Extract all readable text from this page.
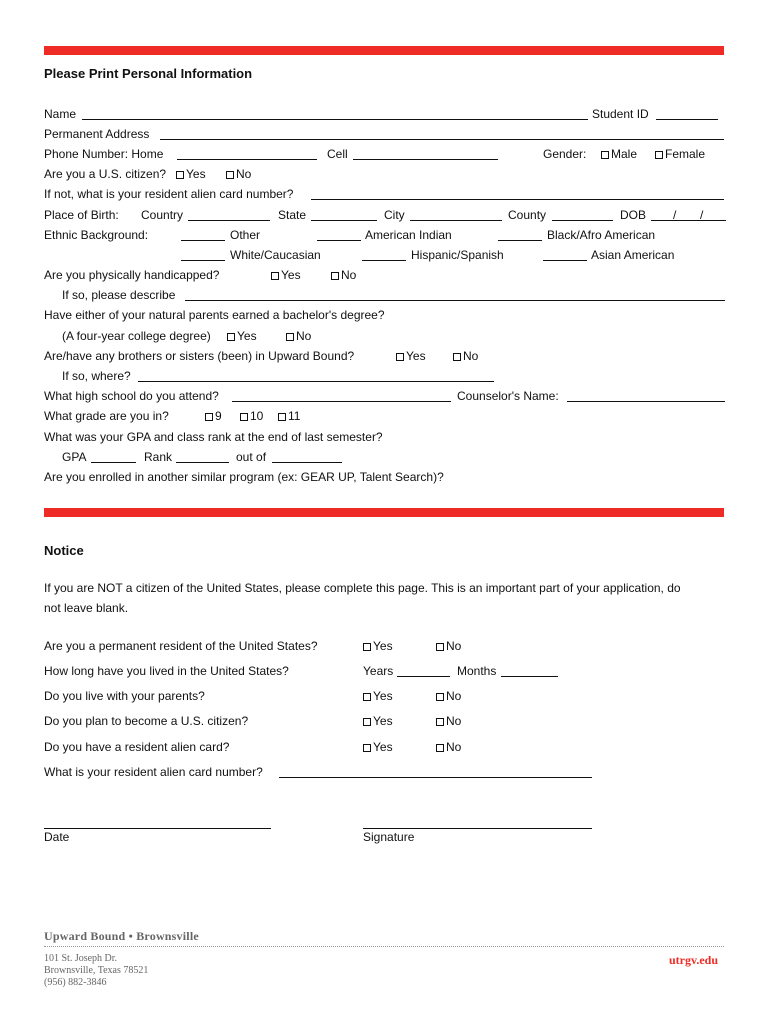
Please Print Personal Information
Name	Student ID
Permanent Address
Phone Number: Home	Cell	Gender:	Male	Female
Are you a U.S. citizen?	Yes	No
If not, what is your resident alien card number?
Place of Birth: Country	State	City	County	DOB / /
Ethnic Background:	Other	American Indian	Black/Afro American
White/Caucasian	Hispanic/Spanish	Asian American
Are you physically handicapped?	Yes	No
If so, please describe
Have either of your natural parents earned a bachelor's degree?
(A four-year college degree)	Yes	No
Are/have any brothers or sisters (been) in Upward Bound?	Yes	No
If so, where?
What high school do you attend?	Counselor's Name:
What grade are you in?	9	10	11
What was your GPA and class rank at the end of last semester?
GPA	Rank	out of
Are you enrolled in another similar program (ex: GEAR UP, Talent Search)?
Notice
If you are NOT a citizen of the United States, please complete this page. This is an important part of your application, do
not leave blank.
Are you a permanent resident of the United States?	Yes	No
How long have you lived in the United States?	Years	Months
Do you live with your parents?	Yes	No
Do you plan to become a U.S. citizen?	Yes	No
Do you have a resident alien card?	Yes	No
What is your resident alien card number?
Date	Signature
Upward Bound • Brownsville
101 St. Joseph Dr.
Brownsville, Texas 78521
(956) 882-3846
utrgv.edu
